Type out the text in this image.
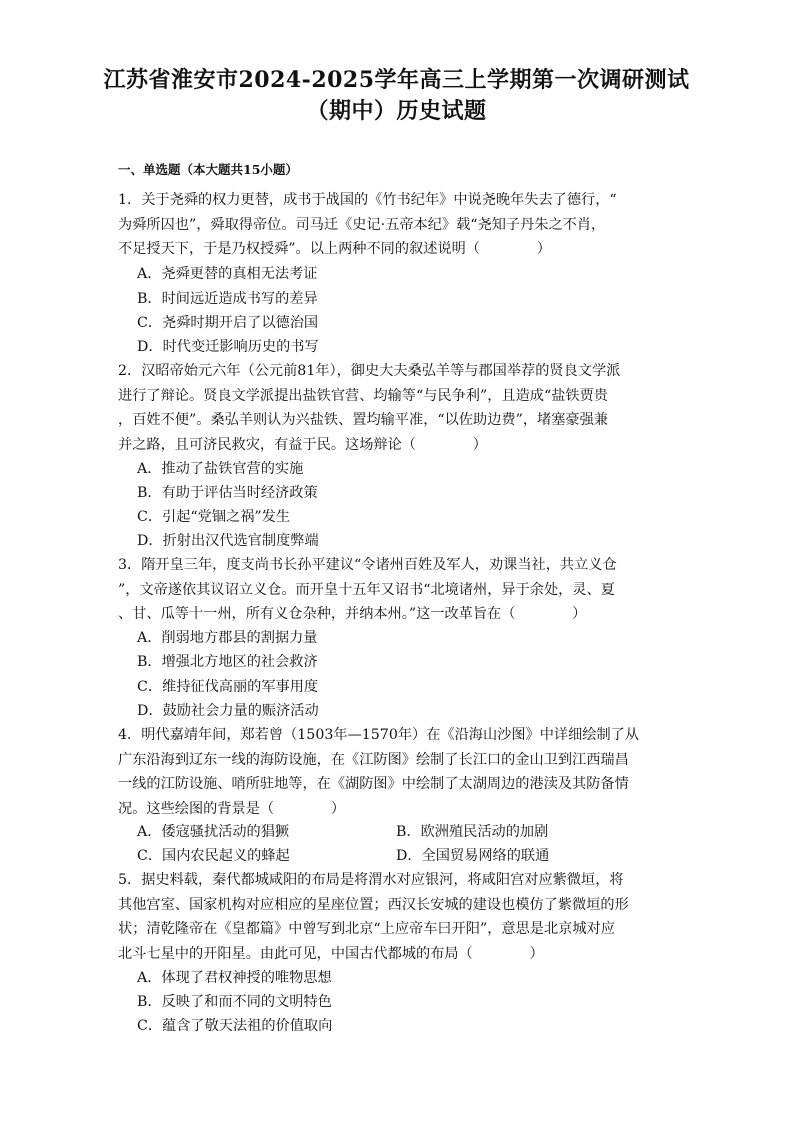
江苏省淮安市2024-2025学年高三上学期第一次调研测试
（期中）历史试题
一、单选题（本大题共15小题）

1．关于尧舜的权力更替，成书于战国的《竹书纪年》中说尧晚年失去了德行，“

为舜所囚也”，舜取得帝位。司马迁《史记·五帝本纪》载“尧知子丹朱之不肖，

不足授天下，于是乃权授舜”。以上两种不同的叙述说明（　　　　）

A．尧舜更替的真相无法考证
B．时间远近造成书写的差异
C．尧舜时期开启了以德治国
D．时代变迁影响历史的书写

2．汉昭帝始元六年（公元前81年），御史大夫桑弘羊等与郡国举荐的贤良文学派

进行了辩论。贤良文学派提出盐铁官营、均输等“与民争利”，且造成“盐铁贾贵

，百姓不便”。桑弘羊则认为兴盐铁、置均输平准，“以佐助边费”，堵塞豪强兼

并之路，且可济民救灾，有益于民。这场辩论（　　　　）

A．推动了盐铁官营的实施
B．有助于评估当时经济政策
C．引起“党锢之祸”发生
D．折射出汉代选官制度弊端

3．隋开皇三年，度支尚书长孙平建议“令诸州百姓及军人，劝课当社，共立义仓

”，文帝遂依其议诏立义仓。而开皇十五年又诏书“北境诸州，异于余处，灵、夏

、甘、瓜等十一州，所有义仓杂种，并纳本州。”这一改革旨在（　　　　）

A．削弱地方郡县的割据力量
B．增强北方地区的社会救济
C．维持征伐高丽的军事用度
D．鼓励社会力量的赈济活动

4．明代嘉靖年间，郑若曾（1503年—1570年）在《沿海山沙图》中详细绘制了从

广东沿海到辽东一线的海防设施，在《江防图》绘制了长江口的金山卫到江西瑞昌

一线的江防设施、哨所驻地等，在《湖防图》中绘制了太湖周边的港渎及其防备情

况。这些绘图的背景是（　　　　）

A．倭寇骚扰活动的猖獗	B．欧洲殖民活动的加剧
C．国内农民起义的蜂起	D．全国贸易网络的联通

5．据史料载，秦代都城咸阳的布局是将渭水对应银河，将咸阳宫对应紫微垣，将

其他宫室、国家机构对应相应的星座位置；西汉长安城的建设也模仿了紫微垣的形

状；清乾隆帝在《皇都篇》中曾写到北京“上应帝车曰开阳”，意思是北京城对应

北斗七星中的开阳星。由此可见，中国古代都城的布局（　　　　）

A．体现了君权神授的唯物思想
B．反映了和而不同的文明特色
C．蕴含了敬天法祖的价值取向
